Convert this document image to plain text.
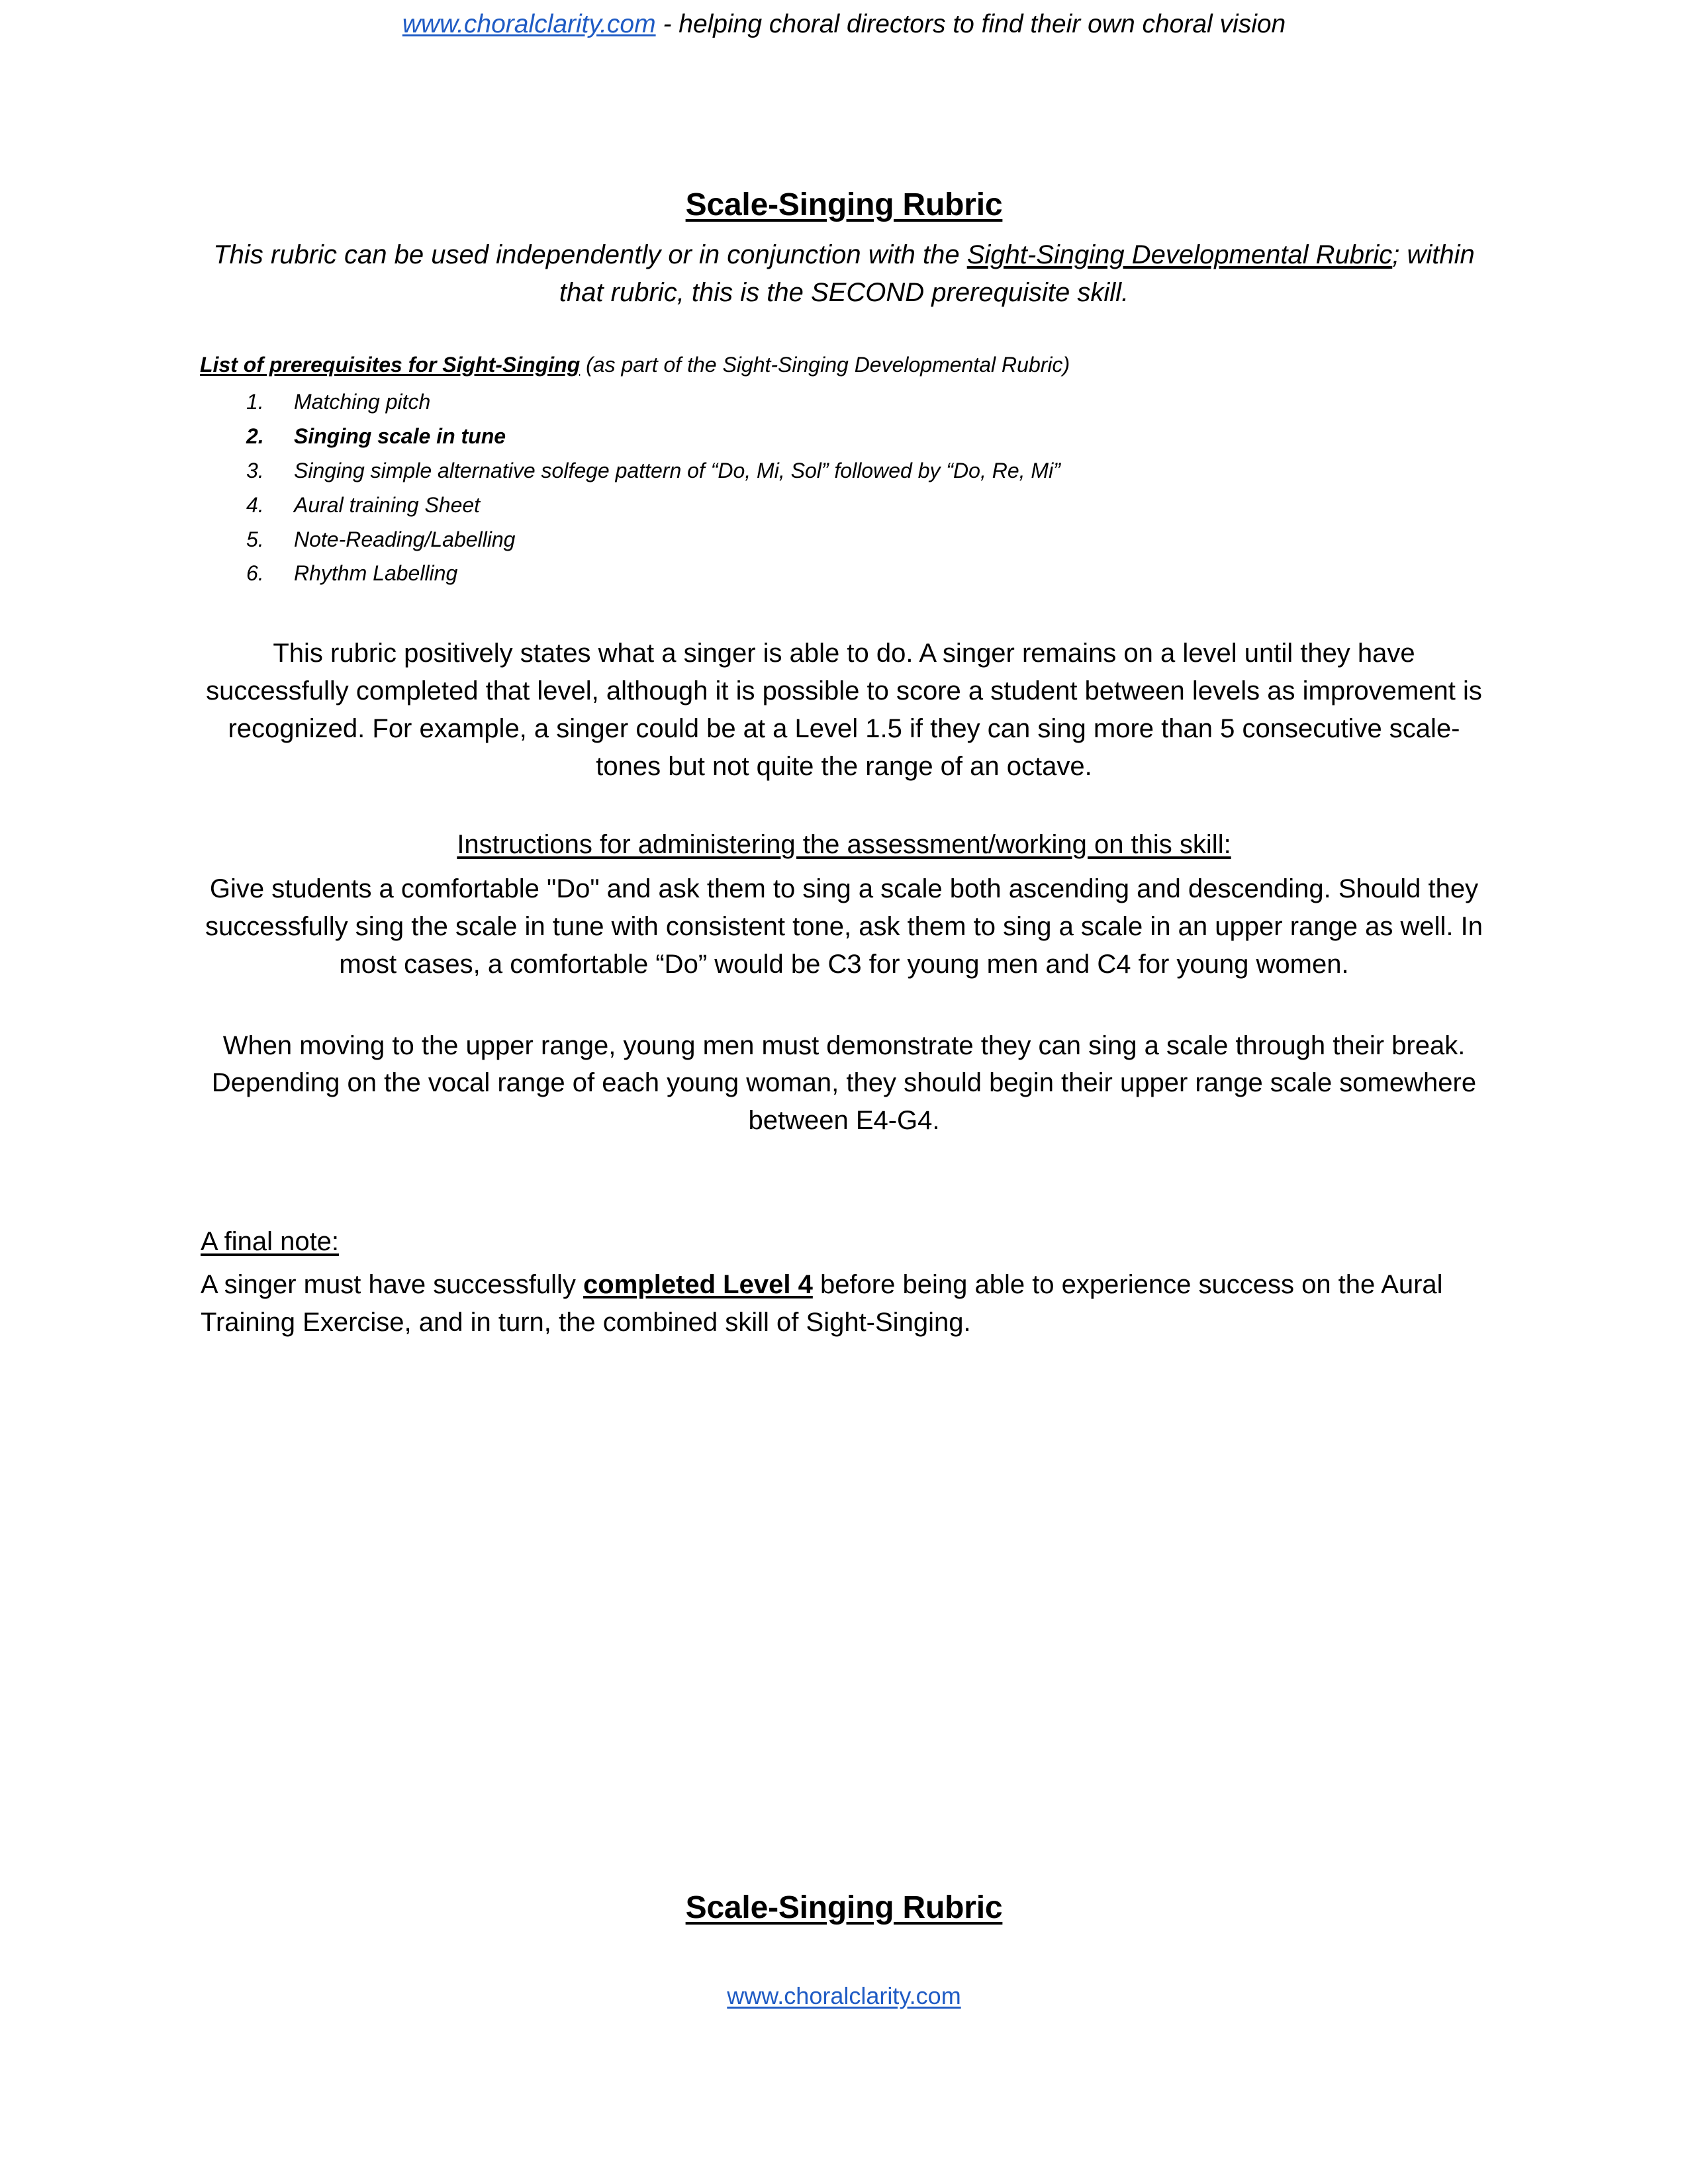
www.choralclarity.com - helping choral directors to find their own choral vision
Scale-Singing Rubric

This rubric can be used independently or in conjunction with the Sight-Singing Developmental Rubric; within that rubric, this is the SECOND prerequisite skill.

List of prerequisites for Sight-Singing (as part of the Sight-Singing Developmental Rubric)

1.	Matching pitch
2.	Singing scale in tune
3.	Singing simple alternative solfege pattern of “Do, Mi, Sol” followed by “Do, Re, Mi”
4.	Aural training Sheet
5.	Note-Reading/Labelling
6.	Rhythm Labelling

This rubric positively states what a singer is able to do. A singer remains on a level until they have successfully completed that level, although it is possible to score a student between levels as improvement is recognized. For example, a singer could be at a Level 1.5 if they can sing more than 5 consecutive scale-tones but not quite the range of an octave.

Instructions for administering the assessment/working on this skill:

Give students a comfortable "Do" and ask them to sing a scale both ascending and descending. Should they successfully sing the scale in tune with consistent tone, ask them to sing a scale in an upper range as well. In most cases, a comfortable “Do” would be C3 for young men and C4 for young women.

When moving to the upper range, young men must demonstrate they can sing a scale through their break. Depending on the vocal range of each young woman, they should begin their upper range scale somewhere between E4-G4.

A final note:

A singer must have successfully completed Level 4 before being able to experience success on the Aural Training Exercise, and in turn, the combined skill of Sight-Singing.

Scale-Singing Rubric
www.choralclarity.com
